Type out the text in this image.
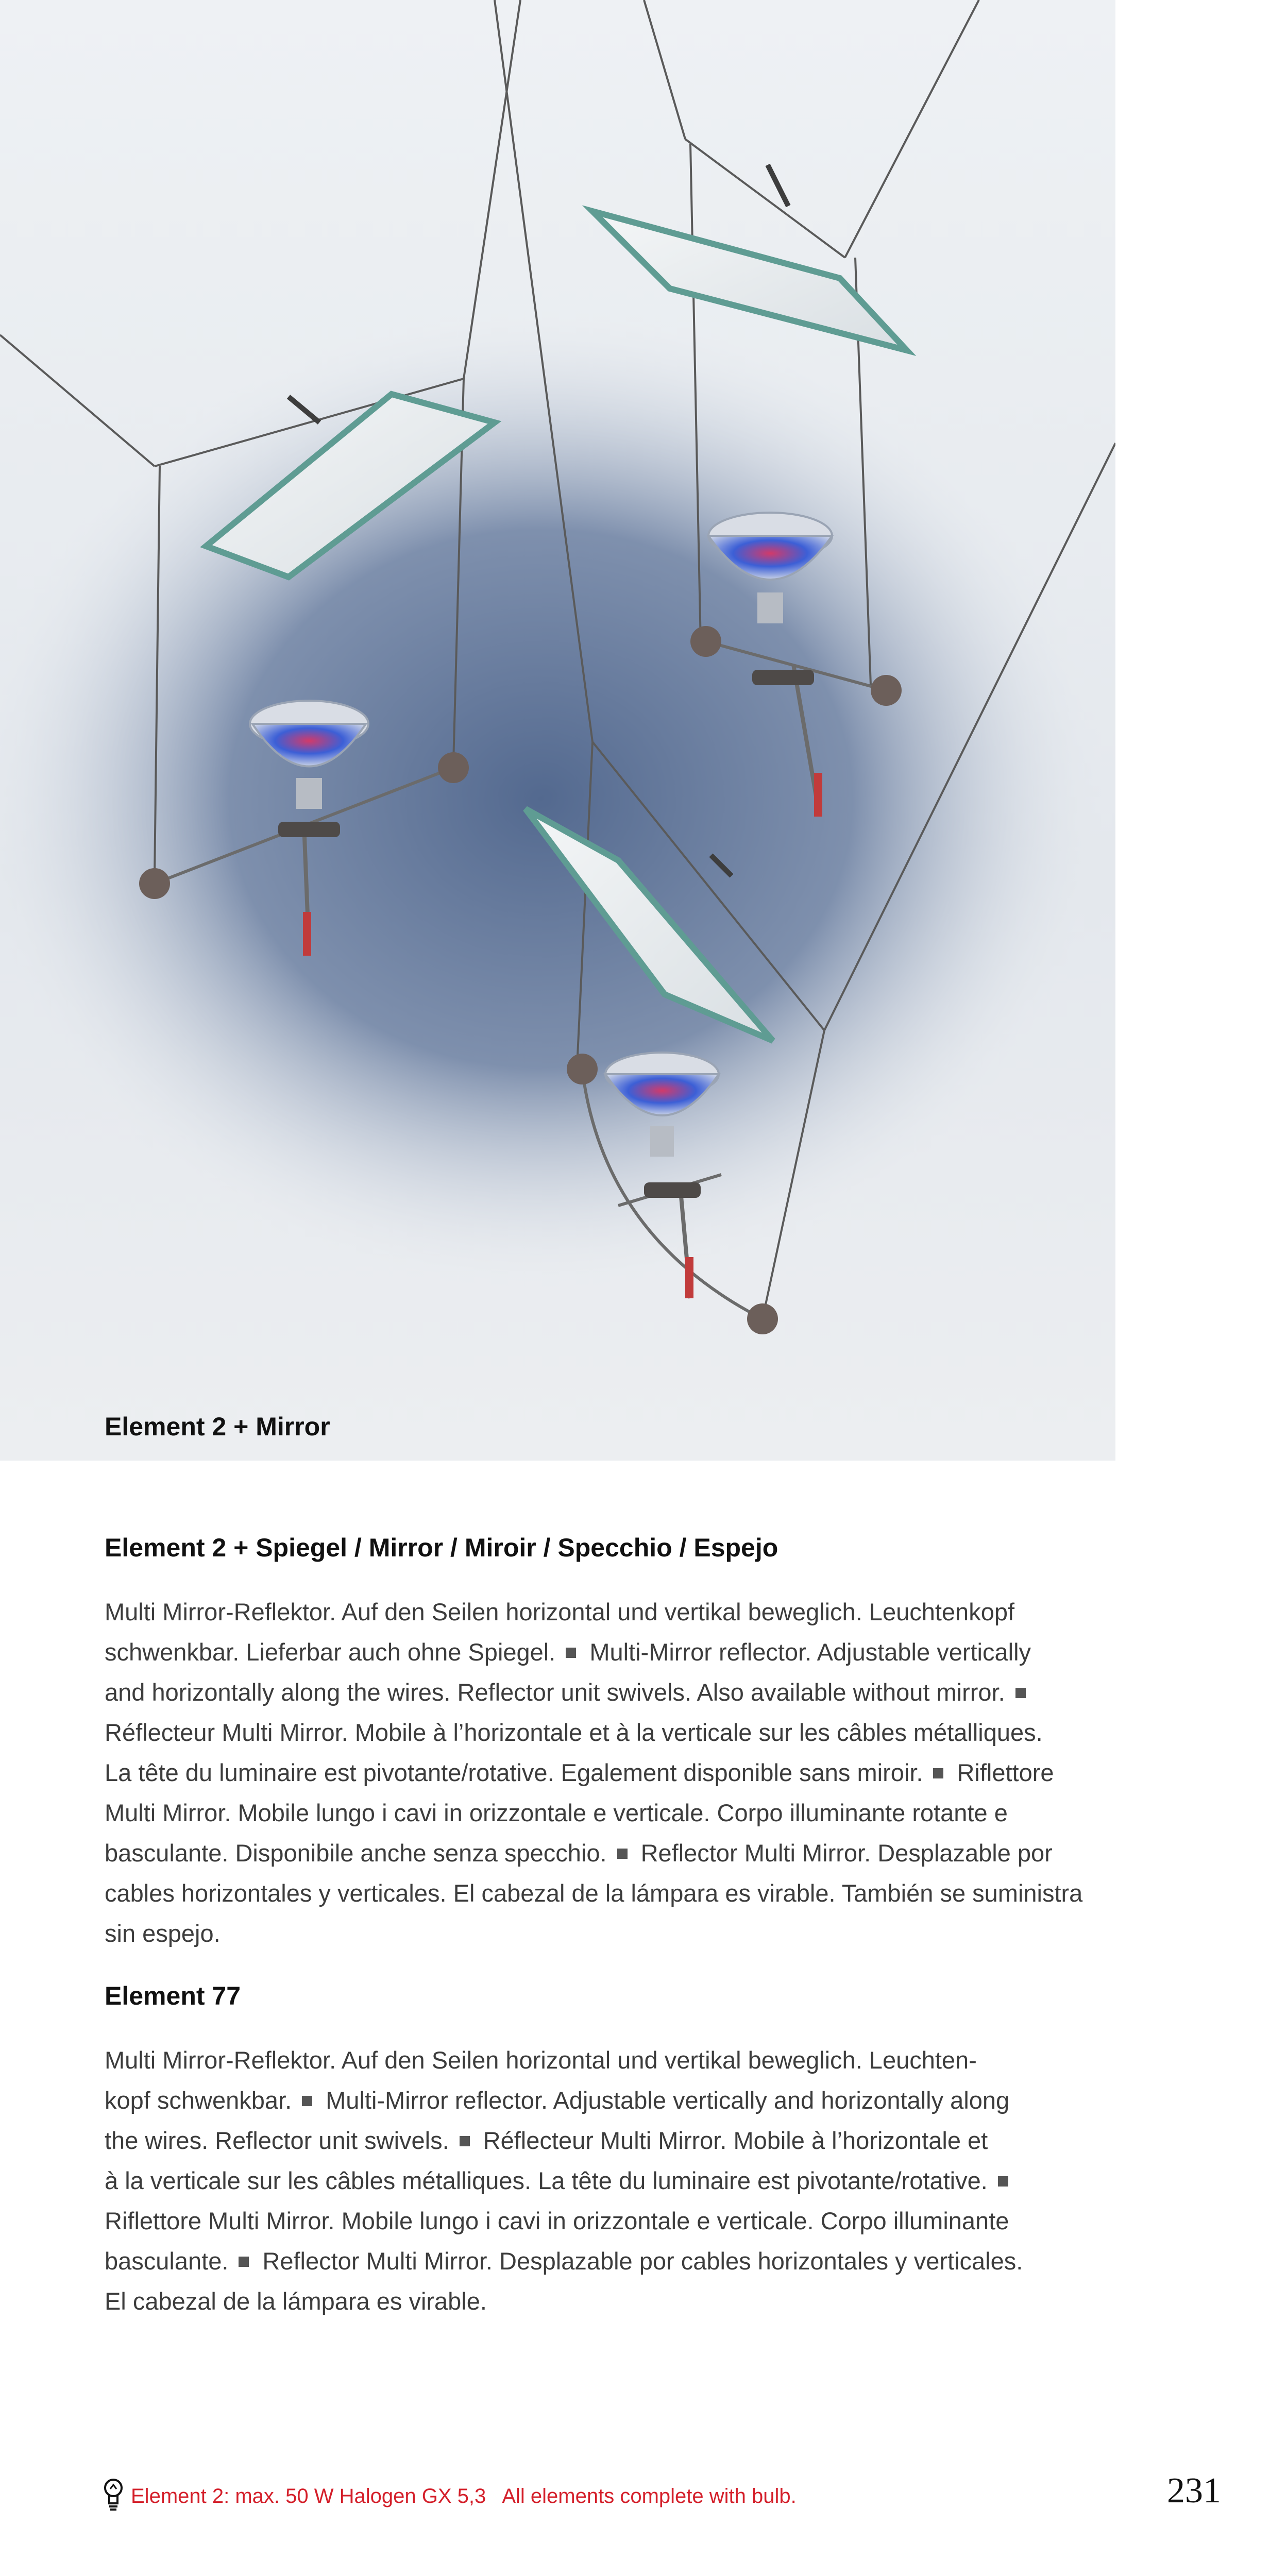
Element 2 + Mirror
Element 2 + Spiegel / Mirror / Miroir / Specchio / Espejo
Multi Mirror-Reflektor. Auf den Seilen horizontal und vertikal beweglich. Leuchtenkopf
schwenkbar. Lieferbar auch ohne Spiegel. Multi-Mirror reflector. Adjustable vertically
and horizontally along the wires. Reflector unit swivels. Also available without mirror.
Réflecteur Multi Mirror. Mobile à l’horizontale et à la verticale sur les câbles métalliques.
La tête du luminaire est pivotante/rotative. Egalement disponible sans miroir. Riflettore
Multi Mirror. Mobile lungo i cavi in orizzontale e verticale. Corpo illuminante rotante e
basculante. Disponibile anche senza specchio. Reflector Multi Mirror. Desplazable por
cables horizontales y verticales. El cabezal de la lámpara es virable. También se suministra
sin espejo.
Element 77
Multi Mirror-Reflektor. Auf den Seilen horizontal und vertikal beweglich. Leuchten-
kopf schwenkbar. Multi-Mirror reflector. Adjustable vertically and horizontally along
the wires. Reflector unit swivels. Réflecteur Multi Mirror. Mobile à l’horizontale et
à la verticale sur les câbles métalliques. La tête du luminaire est pivotante/rotative.
Riflettore Multi Mirror. Mobile lungo i cavi in orizzontale e verticale. Corpo illuminante
basculante. Reflector Multi Mirror. Desplazable por cables horizontales y verticales.
El cabezal de la lámpara es virable.
Element 2: max. 50 W Halogen GX 5,3   All elements complete with bulb.	231
